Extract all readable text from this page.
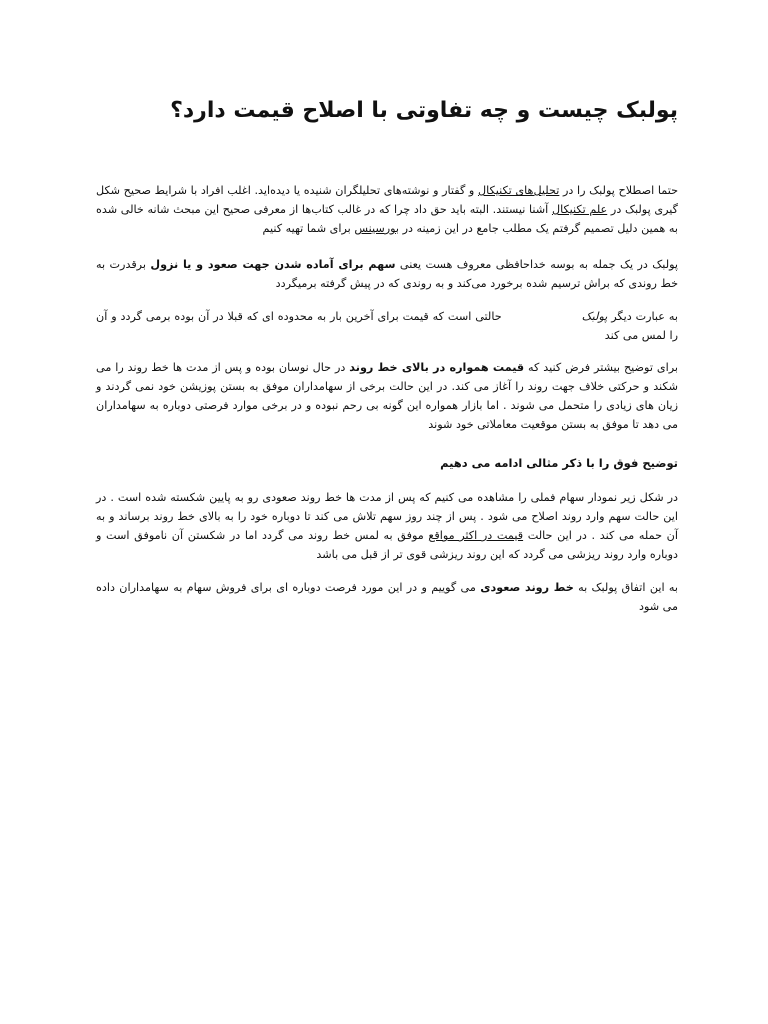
پولبک چیست و چه تفاوتی با اصلاح قیمت دارد؟

حتما اصطلاح پولبک را در تحلیل‌های تکنیکال و گفتار و نوشته‌های تحلیلگران شنیده یا دیده‌اید. اغلب افراد با شرایط صحیح شکل گیری پولبک در علم تکنیکال آشنا نیستند. البته باید حق داد چرا که در غالب کتاب‌ها از معرفی صحیح این مبحث شانه خالی شده به همین دلیل تصمیم گرفتم یک مطلب جامع در این زمینه در بورسینس برای شما تهیه کنیم

پولبک در یک جمله به بوسه خداحافظی معروف هست یعنی سهم برای آماده شدن جهت صعود و یا نزول برقدرت به خط روندی که براش ترسیم شده برخورد می‌کند و به روندی که در پیش گرفته برمیگردد

به عبارت دیگر پولبکحالتی است که قیمت برای آخرین بار به محدوده ای که قبلا در آن بوده برمی گردد و آن را لمس می کند

برای توضیح بیشتر فرض کنید که قیمت همواره در بالای خط روند در حال نوسان بوده و پس از مدت ها خط روند را می شکند و حرکتی خلاف جهت روند را آغاز می کند. در این حالت برخی از سهامداران موفق به بستن پوزیشن خود نمی گردند و زیان های زیادی را متحمل می شوند . اما بازار همواره این گونه بی رحم نبوده و در برخی موارد فرصتی دوباره به سهامداران می دهد تا موفق به بستن موقعیت معاملاتی خود شوند

توضیح فوق را با ذکر مثالی ادامه می دهیم

در شکل زیر نمودار سهام فملی را مشاهده می کنیم که پس از مدت ها خط روند صعودی رو به پایین شکسته شده است . در این حالت سهم وارد روند اصلاح می شود . پس از چند روز سهم تلاش می کند تا دوباره خود را به بالای خط روند برساند و به آن حمله می کند . در این حالت قیمت در اکثر مواقع موفق به لمس خط روند می گردد اما در شکستن آن ناموفق است و دوباره وارد روند ریزشی می گردد که این روند ریزشی قوی تر از قبل می باشد

به این اتفاق پولبک به خط روند صعودی می گوییم و در این مورد فرصت دوباره ای برای فروش سهام به سهامداران داده می شود
